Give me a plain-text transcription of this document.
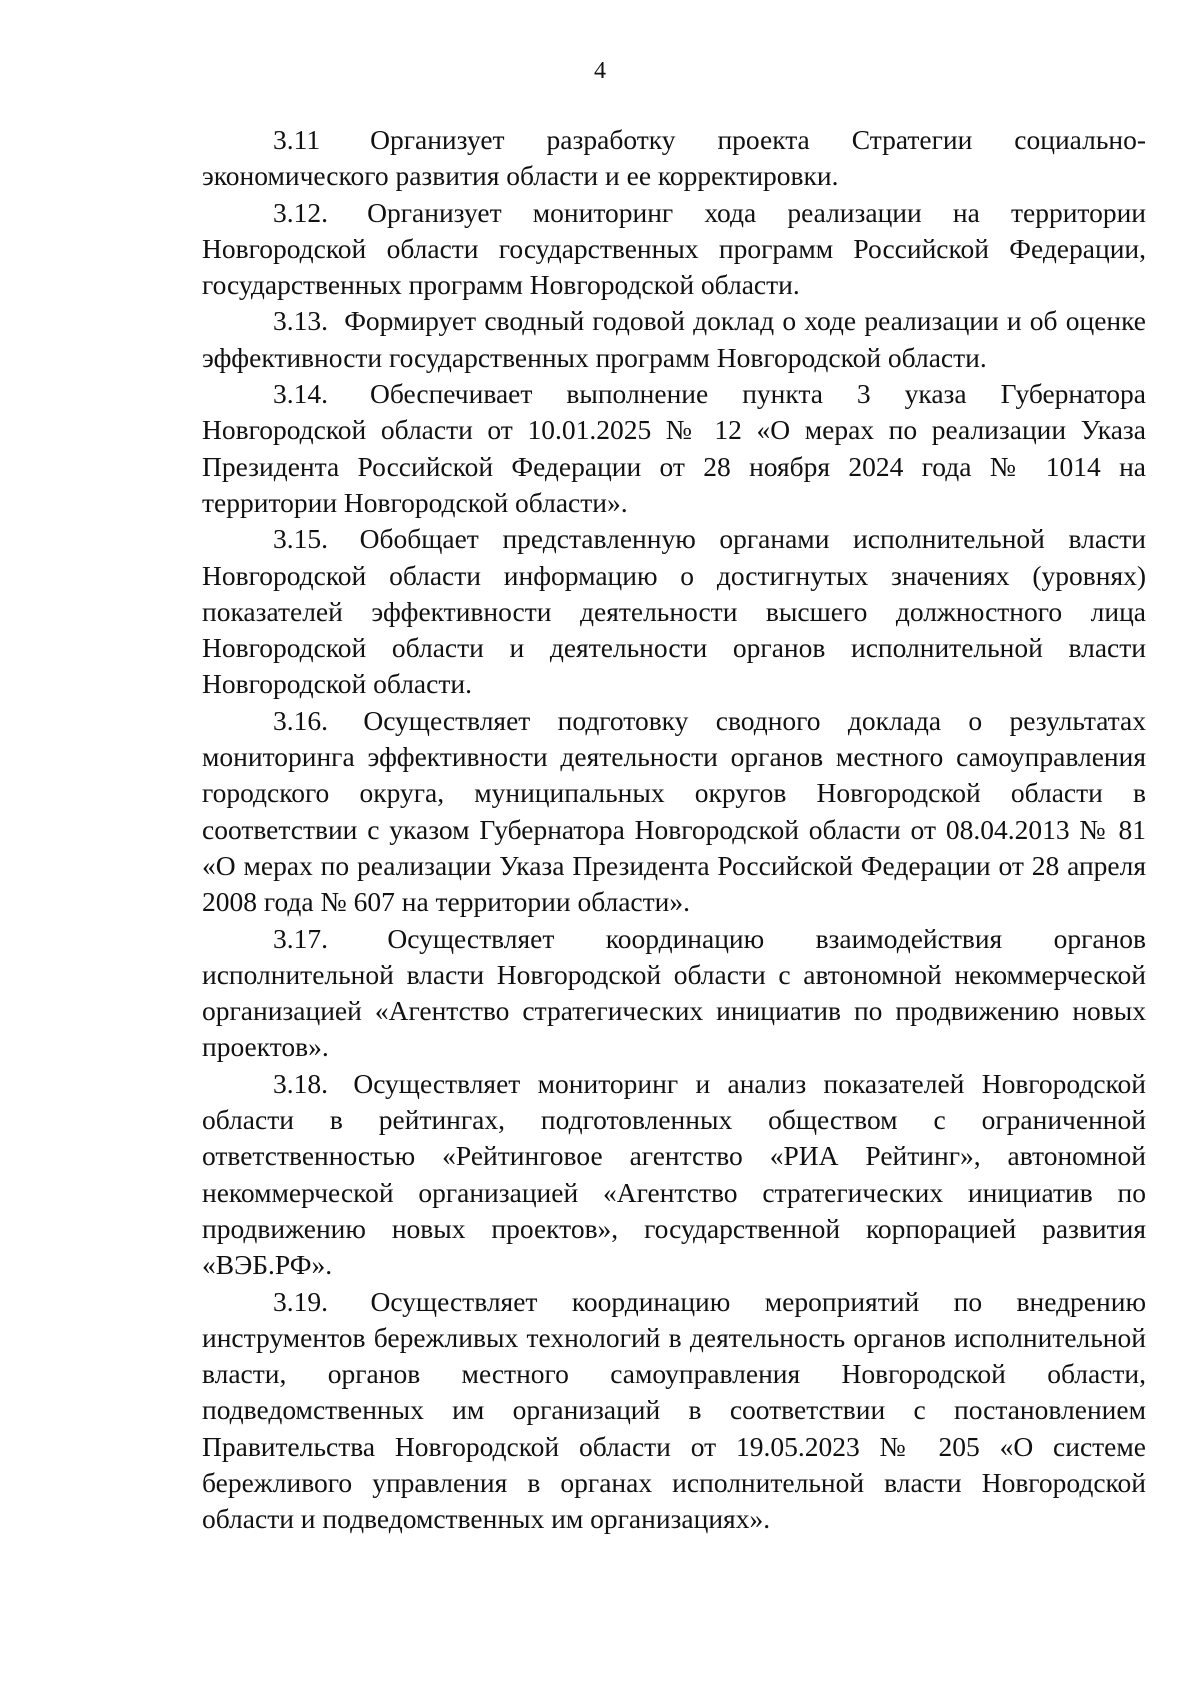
4

3.11 Организует разработку проекта Стратегии социально-экономического развития области и ее корректировки.

3.12. Организует мониторинг хода реализации на территории Новгородской области государственных программ Российской Федерации, государственных программ Новгородской области.

3.13. Формирует сводный годовой доклад о ходе реализации и об оценке эффективности государственных программ Новгородской области.

3.14. Обеспечивает выполнение пункта 3 указа Губернатора Новгородской области от 10.01.2025 № 12 «О мерах по реализации Указа Президента Российской Федерации от 28 ноября 2024 года № 1014 на территории Новгородской области».

3.15. Обобщает представленную органами исполнительной власти Новгородской области информацию о достигнутых значениях (уровнях) показателей эффективности деятельности высшего должностного лица Новгородской области и деятельности органов исполнительной власти Новгородской области.

3.16. Осуществляет подготовку сводного доклада о результатах мониторинга эффективности деятельности органов местного самоуправления городского округа, муниципальных округов Новгородской области в соответствии с указом Губернатора Новгородской области от 08.04.2013 № 81 «О мерах по реализации Указа Президента Российской Федерации от 28 апреля 2008 года № 607 на территории области».

3.17. Осуществляет координацию взаимодействия органов исполнительной власти Новгородской области с автономной некоммерческой организацией «Агентство стратегических инициатив по продвижению новых проектов».

3.18. Осуществляет мониторинг и анализ показателей Новгородской области в рейтингах, подготовленных обществом с ограниченной ответственностью «Рейтинговое агентство «РИА Рейтинг», автономной некоммерческой организацией «Агентство стратегических инициатив по продвижению новых проектов», государственной корпорацией развития «ВЭБ.РФ».

3.19. Осуществляет координацию мероприятий по внедрению инструментов бережливых технологий в деятельность органов исполнительной власти, органов местного самоуправления Новгородской области, подведомственных им организаций в соответствии с постановлением Правительства Новгородской области от 19.05.2023 № 205 «О системе бережливого управления в органах исполнительной власти Новгородской области и подведомственных им организациях».
